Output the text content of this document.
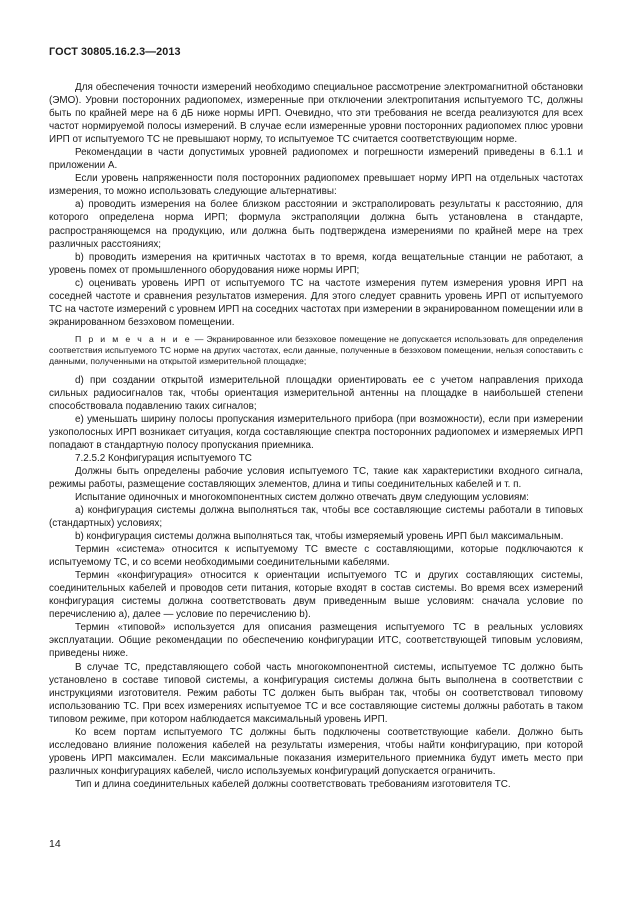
ГОСТ 30805.16.2.3—2013

Для обеспечения точности измерений необходимо специальное рассмотрение электромагнитной обстановки (ЭМО). Уровни посторонних радиопомех, измеренные при отключении электропитания испытуемого ТС, должны быть по крайней мере на 6 дБ ниже нормы ИРП. Очевидно, что эти требования не всегда реализуются для всех частот нормируемой полосы измерений. В случае если измеренные уровни посторонних радиопомех плюс уровни ИРП от испытуемого ТС не превышают норму, то испытуемое ТС считается соответствующим норме.

Рекомендации в части допустимых уровней радиопомех и погрешности измерений приведены в 6.1.1 и приложении А.

Если уровень напряженности поля посторонних радиопомех превышает норму ИРП на отдельных частотах измерения, то можно использовать следующие альтернативы:

a) проводить измерения на более близком расстоянии и экстраполировать результаты к расстоянию, для которого определена норма ИРП; формула экстраполяции должна быть установлена в стандарте, распространяющемся на продукцию, или должна быть подтверждена измерениями по крайней мере на трех различных расстояниях;

b) проводить измерения на критичных частотах в то время, когда вещательные станции не работают, а уровень помех от промышленного оборудования ниже нормы ИРП;

c) оценивать уровень ИРП от испытуемого ТС на частоте измерения путем измерения уровня ИРП на соседней частоте и сравнения результатов измерения. Для этого следует сравнить уровень ИРП от испытуемого ТС на частоте измерений с уровнем ИРП на соседних частотах при измерении в экранированном помещении или в экранированном безэховом помещении.

П р и м е ч а н и е — Экранированное или безэховое помещение не допускается использовать для определения соответствия испытуемого ТС норме на других частотах, если данные, полученные в безэховом помещении, нельзя сопоставить с данными, полученными на открытой измерительной площадке;

d) при создании открытой измерительной площадки ориентировать ее с учетом направления прихода сильных радиосигналов так, чтобы ориентация измерительной антенны на площадке в наибольшей степени способствовала подавлению таких сигналов;

e) уменьшать ширину полосы пропускания измерительного прибора (при возможности), если при измерении узкополосных ИРП возникает ситуация, когда составляющие спектра посторонних радиопомех и измеряемых ИРП попадают в стандартную полосу пропускания приемника.

7.2.5.2 Конфигурация испытуемого ТС

Должны быть определены рабочие условия испытуемого ТС, такие как характеристики входного сигнала, режимы работы, размещение составляющих элементов, длина и типы соединительных кабелей и т. п.

Испытание одиночных и многокомпонентных систем должно отвечать двум следующим условиям:

a) конфигурация системы должна выполняться так, чтобы все составляющие системы работали в типовых (стандартных) условиях;

b) конфигурация системы должна выполняться так, чтобы измеряемый уровень ИРП был максимальным.

Термин «система» относится к испытуемому ТС вместе с составляющими, которые подключаются к испытуемому ТС, и со всеми необходимыми соединительными кабелями.

Термин «конфигурация» относится к ориентации испытуемого ТС и других составляющих системы, соединительных кабелей и проводов сети питания, которые входят в состав системы. Во время всех измерений конфигурация системы должна соответствовать двум приведенным выше условиям: сначала условие по перечислению а), далее — условие по перечислению b).

Термин «типовой» используется для описания размещения испытуемого ТС в реальных условиях эксплуатации. Общие рекомендации по обеспечению конфигурации ИТС, соответствующей типовым условиям, приведены ниже.

В случае ТС, представляющего собой часть многокомпонентной системы, испытуемое ТС должно быть установлено в составе типовой системы, а конфигурация системы должна быть выполнена в соответствии с инструкциями изготовителя. Режим работы ТС должен быть выбран так, чтобы он соответствовал типовому использованию ТС. При всех измерениях испытуемое ТС и все составляющие системы должны работать в таком типовом режиме, при котором наблюдается максимальный уровень ИРП.

Ко всем портам испытуемого ТС должны быть подключены соответствующие кабели. Должно быть исследовано влияние положения кабелей на результаты измерения, чтобы найти конфигурацию, при которой уровень ИРП максимален. Если максимальные показания измерительного приемника будут иметь место при различных конфигурациях кабелей, число используемых конфигураций допускается ограничить.

Тип и длина соединительных кабелей должны соответствовать требованиям изготовителя ТС.

14
